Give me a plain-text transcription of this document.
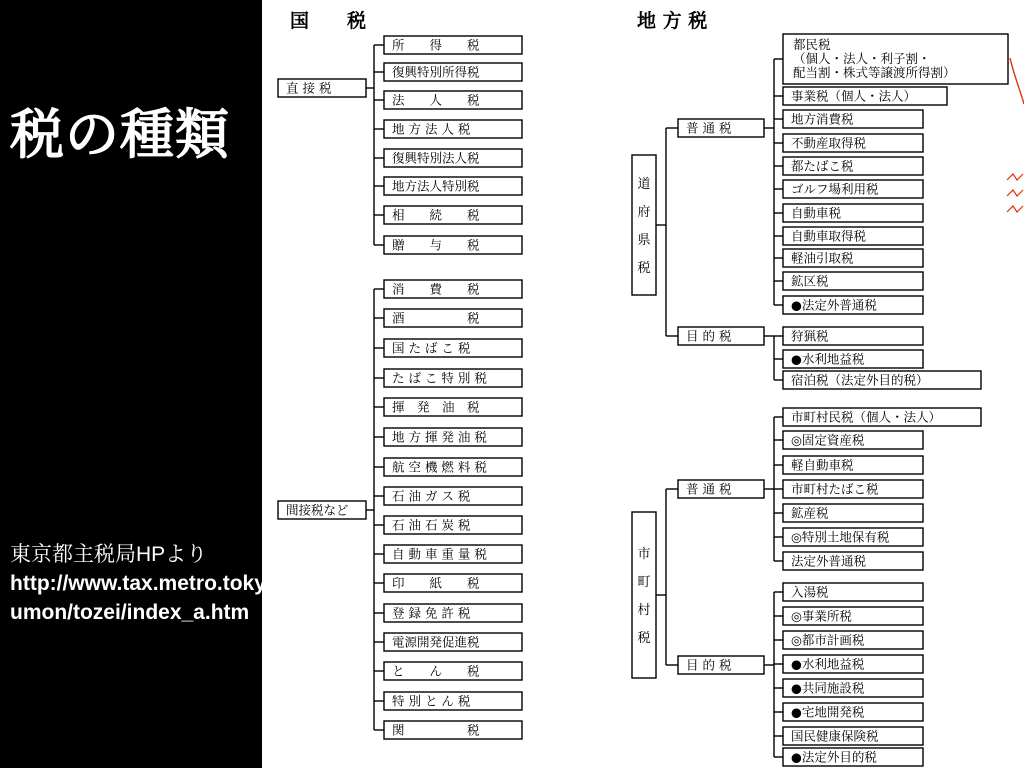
税の種類
国　　税	地 方 税
所　　得　　税
復興特別所得税
法　　人　　税
地 方 法 人 税
復興特別法人税
地方法人特別税
相　　続　　税
贈　　与　　税
直 接 税
消　　費　　税
酒　　　　　税
国 た ば こ 税
た ば こ 特 別 税
揮　発　油　税
地 方 揮 発 油 税
航 空 機 燃 料 税
石 油 ガ ス 税
石 油 石 炭 税
自 動 車 重 量 税
印　　紙　　税
登 録 免 許 税
電源開発促進税
と　　ん　　税
特 別 と ん 税
関　　　　　税
間接税など
道
府
県
税
普 通 税
目 的 税
都民税
（個人・法人・利子割・
配当割・株式等譲渡所得割）
事業税（個人・法人）
地方消費税
不動産取得税
都たばこ税
ゴルフ場利用税
自動車税
自動車取得税
軽油引取税
鉱区税
●法定外普通税
狩猟税
●水利地益税
宿泊税（法定外目的税）
市
町
村
税
普 通 税
目 的 税
市町村民税（個人・法人）
◎固定資産税
軽自動車税
市町村たばこ税
鉱産税
◎特別土地保有税
法定外普通税
入湯税
◎事業所税
◎都市計画税
●水利地益税
●共同施設税
●宅地開発税
国民健康保険税
●法定外目的税
東京都主税局HPより
http://www.tax.metro.tokyo.jp/shitsumon/tozei/index_a.htm
